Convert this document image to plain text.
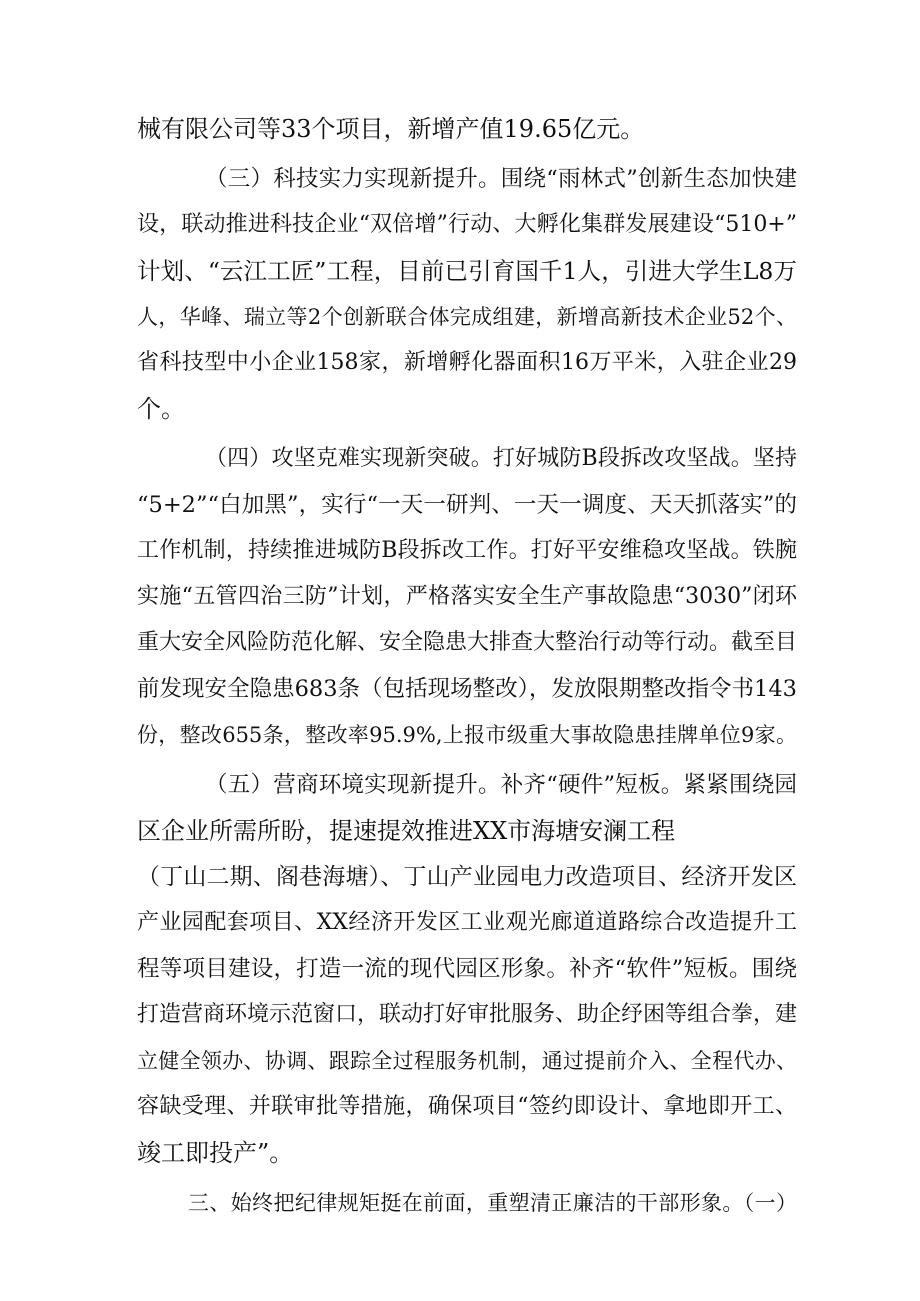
械有限公司等33个项目，新增产值19.65亿元。
（三）科技实力实现新提升。围绕“雨林式”创新生态加快建
设，联动推进科技企业“双倍增”行动、大孵化集群发展建设“510+”
计划、“云江工匠”工程，目前已引育国千1人，引进大学生L8万
人，华峰、瑞立等2个创新联合体完成组建，新增高新技术企业52个、
省科技型中小企业158家，新增孵化器面积16万平米，入驻企业29
个。
（四）攻坚克难实现新突破。打好城防B段拆改攻坚战。坚持
“5+2”“白加黑”，实行“一天一研判、一天一调度、天天抓落实”的
工作机制，持续推进城防B段拆改工作。打好平安维稳攻坚战。铁腕
实施“五管四治三防”计划，严格落实安全生产事故隐患“3030”闭环
重大安全风险防范化解、安全隐患大排查大整治行动等行动。截至目
前发现安全隐患683条（包括现场整改），发放限期整改指令书143
份，整改655条，整改率95.9%,上报市级重大事故隐患挂牌单位9家。
（五）营商环境实现新提升。补齐“硬件”短板。紧紧围绕园
区企业所需所盼，提速提效推进XX市海塘安澜工程
（丁山二期、阁巷海塘）、丁山产业园电力改造项目、经济开发区
产业园配套项目、XX经济开发区工业观光廊道道路综合改造提升工
程等项目建设，打造一流的现代园区形象。补齐“软件”短板。围绕
打造营商环境示范窗口，联动打好审批服务、助企纾困等组合拳，建
立健全领办、协调、跟踪全过程服务机制，通过提前介入、全程代办、
容缺受理、并联审批等措施，确保项目“签约即设计、拿地即开工、
竣工即投产”。
三、始终把纪律规矩挺在前面，重塑清正廉洁的干部形象。（一）
